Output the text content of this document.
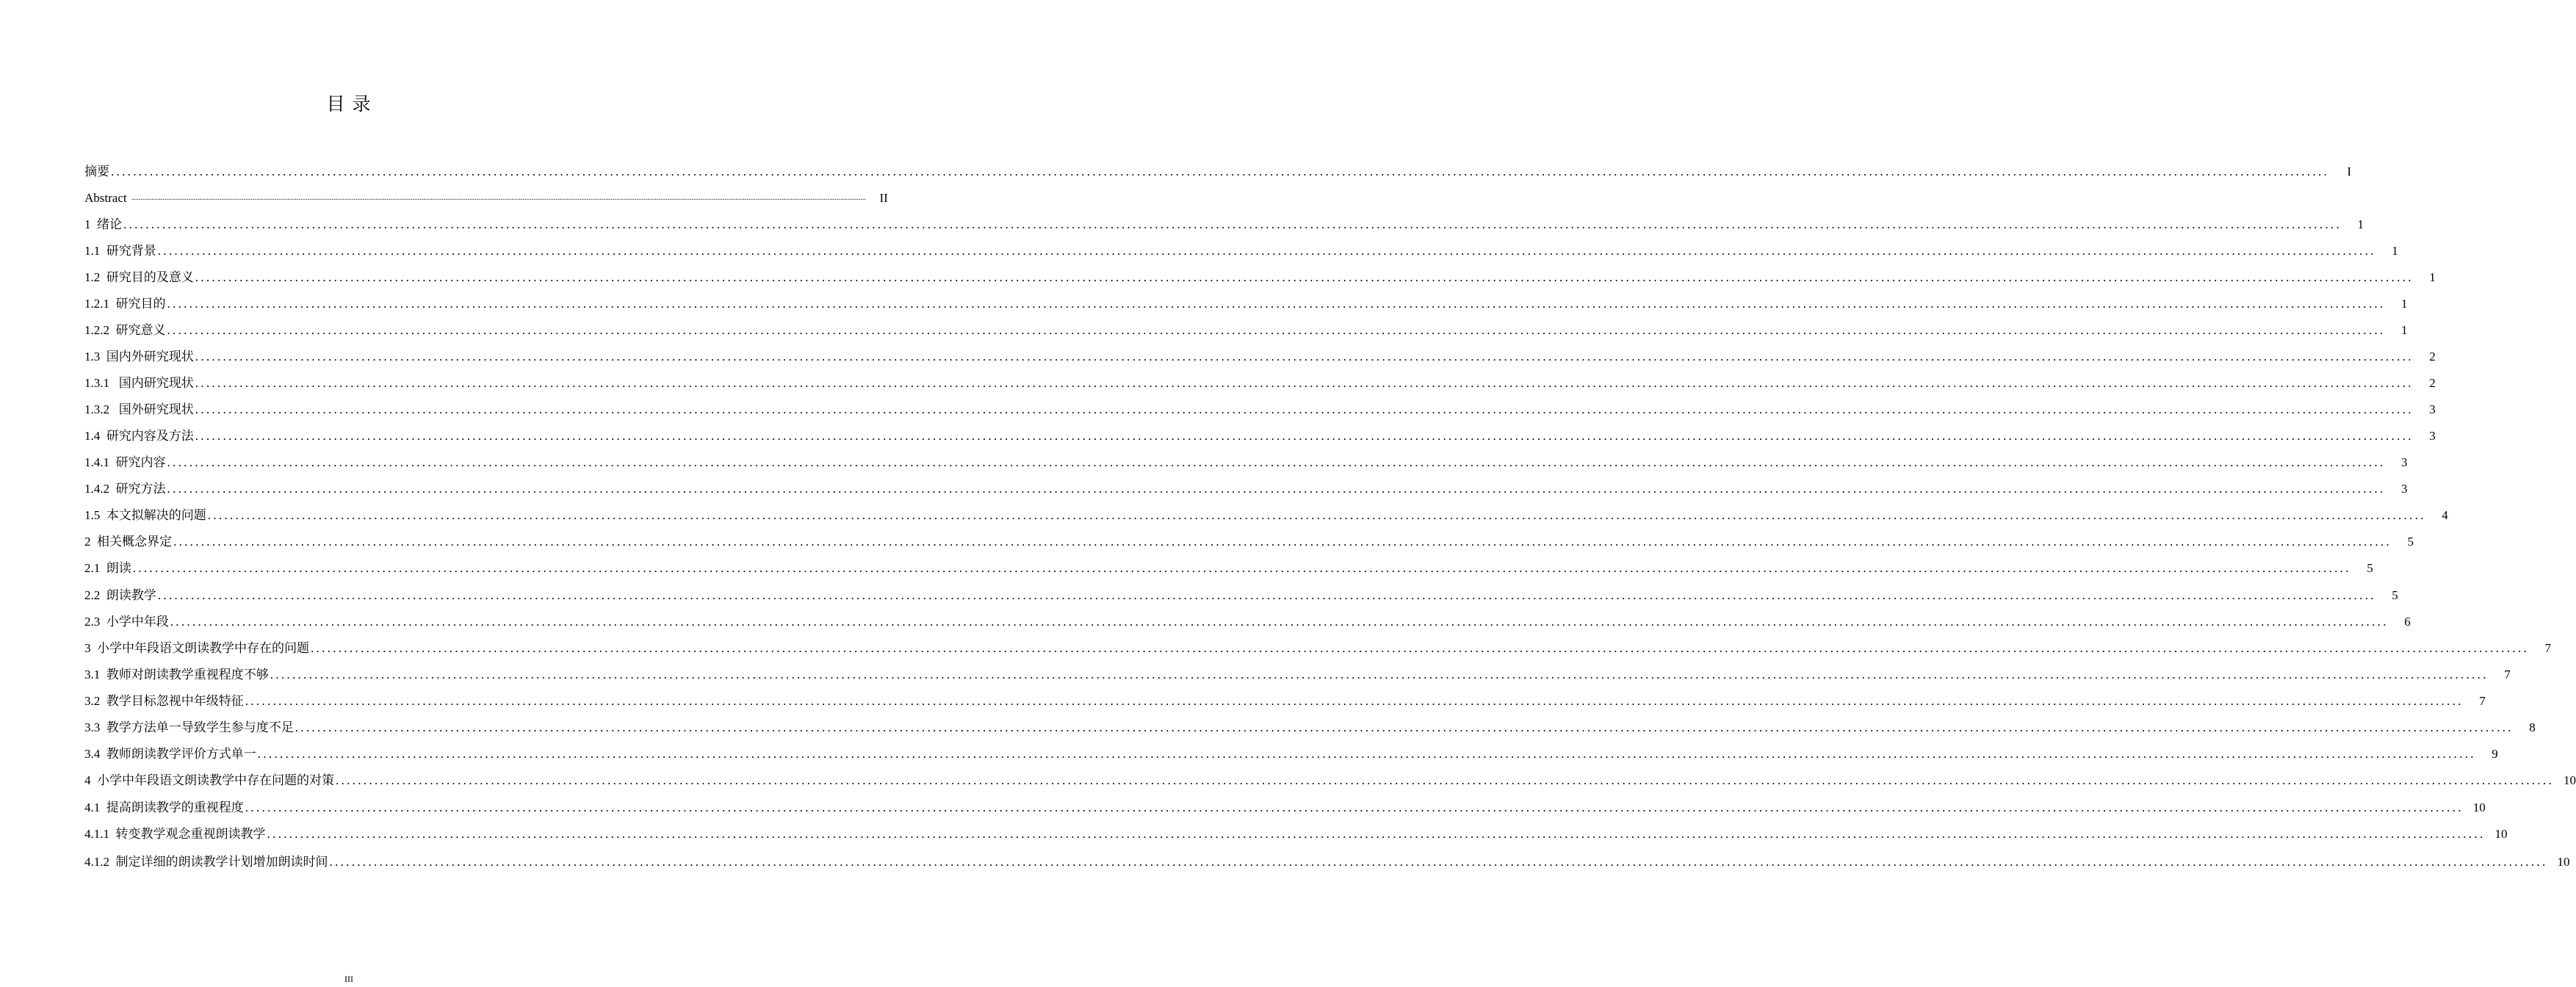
目 录
摘要 ................................................................................................................................................................................................................................................................................................................................................................................................................	I
Abstract ................................................................................................................................................................................................................................................................................................................................................................................................................	II
1  绪论 ................................................................................................................................................................................................................................................................................................................................................................................................................	1
1.1  研究背景 ................................................................................................................................................................................................................................................................................................................................................................................................................	1
1.2  研究目的及意义 ................................................................................................................................................................................................................................................................................................................................................................................................................	1
1.2.1  研究目的 ................................................................................................................................................................................................................................................................................................................................................................................................................	1
1.2.2  研究意义 ................................................................................................................................................................................................................................................................................................................................................................................................................	1
1.3  国内外研究现状 ................................................................................................................................................................................................................................................................................................................................................................................................................	2
1.3.1   国内研究现状 ................................................................................................................................................................................................................................................................................................................................................................................................................	2
1.3.2   国外研究现状 ................................................................................................................................................................................................................................................................................................................................................................................................................	3
1.4  研究内容及方法 ................................................................................................................................................................................................................................................................................................................................................................................................................	3
1.4.1  研究内容 ................................................................................................................................................................................................................................................................................................................................................................................................................	3
1.4.2  研究方法 ................................................................................................................................................................................................................................................................................................................................................................................................................	3
1.5  本文拟解决的问题 ................................................................................................................................................................................................................................................................................................................................................................................................................	4
2  相关概念界定 ................................................................................................................................................................................................................................................................................................................................................................................................................	5
2.1  朗读 ................................................................................................................................................................................................................................................................................................................................................................................................................	5
2.2  朗读教学 ................................................................................................................................................................................................................................................................................................................................................................................................................	5
2.3  小学中年段 ................................................................................................................................................................................................................................................................................................................................................................................................................	6
3  小学中年段语文朗读教学中存在的问题 ................................................................................................................................................................................................................................................................................................................................................................................................................	7
3.1  教师对朗读教学重视程度不够 ................................................................................................................................................................................................................................................................................................................................................................................................................	7
3.2  教学目标忽视中年级特征 ................................................................................................................................................................................................................................................................................................................................................................................................................	7
3.3  教学方法单一导致学生参与度不足 ................................................................................................................................................................................................................................................................................................................................................................................................................	8
3.4  教师朗读教学评价方式单一 ................................................................................................................................................................................................................................................................................................................................................................................................................	9
4  小学中年段语文朗读教学中存在问题的对策 ................................................................................................................................................................................................................................................................................................................................................................................................................ 10
4.1  提高朗读教学的重视程度 ................................................................................................................................................................................................................................................................................................................................................................................................................ 10
4.1.1  转变教学观念重视朗读教学 ................................................................................................................................................................................................................................................................................................................................................................................................................ 10
4.1.2  制定详细的朗读教学计划增加朗读时间 ................................................................................................................................................................................................................................................................................................................................................................................................................ 10
III
